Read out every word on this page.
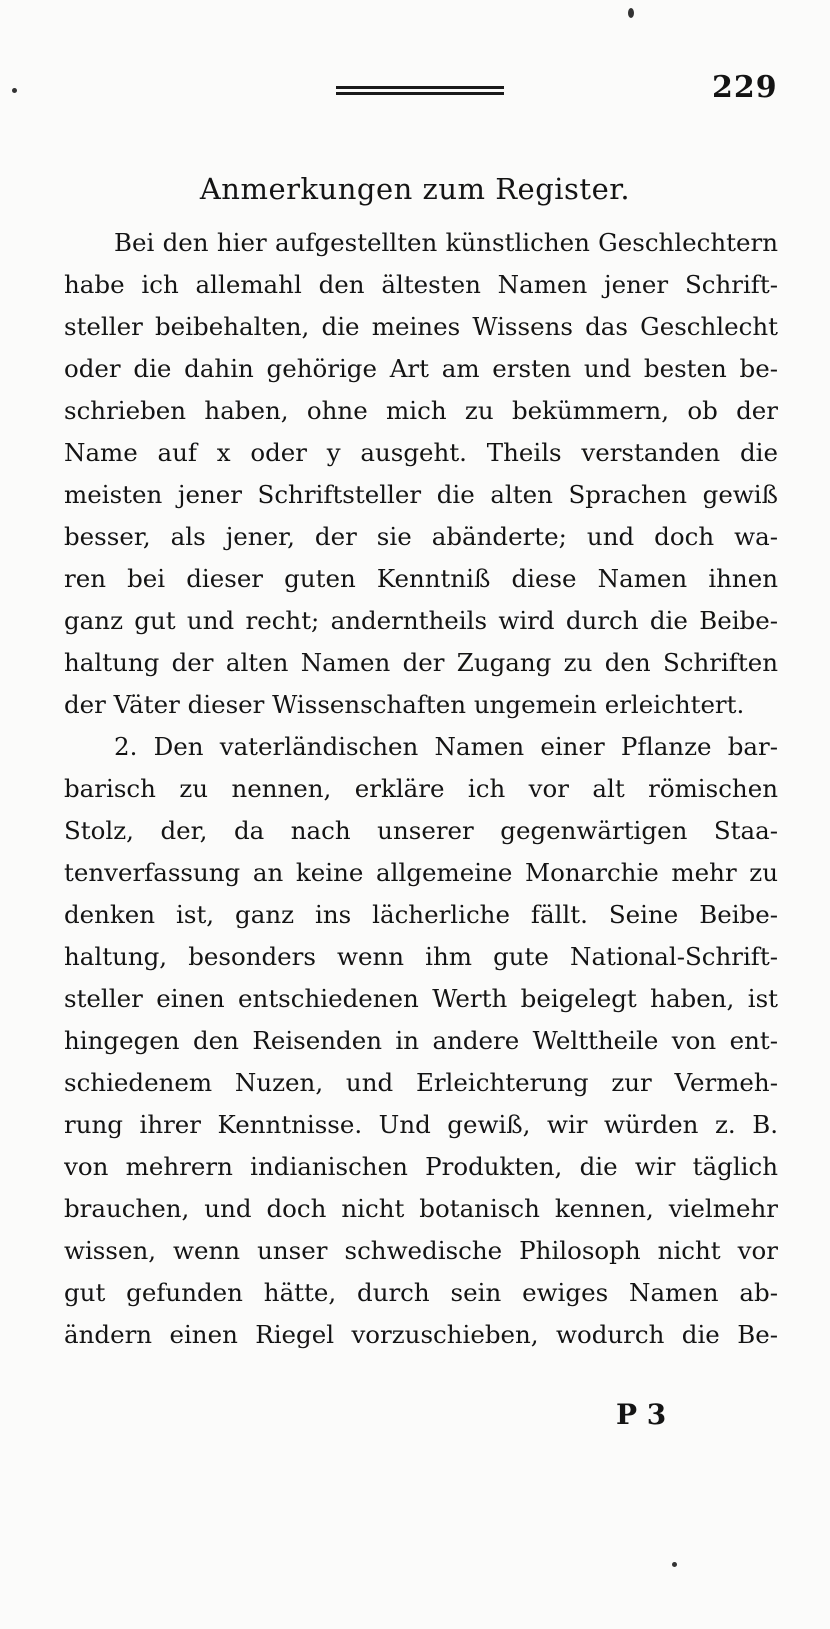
229
Anmerkungen zum Register.
Bei den hier aufgestellten künstlichen Geschlechtern
habe ich allemahl den ältesten Namen jener Schrift-
steller beibehalten, die meines Wissens das Geschlecht
oder die dahin gehörige Art am ersten und besten be-
schrieben haben, ohne mich zu bekümmern, ob der
Name auf x oder y ausgeht. Theils verstanden die
meisten jener Schriftsteller die alten Sprachen gewiß
besser, als jener, der sie abänderte; und doch wa-
ren bei dieser guten Kenntniß diese Namen ihnen
ganz gut und recht; anderntheils wird durch die Beibe-
haltung der alten Namen der Zugang zu den Schriften
der Väter dieser Wissenschaften ungemein erleichtert.
2. Den vaterländischen Namen einer Pflanze bar-
barisch zu nennen, erkläre ich vor alt römischen
Stolz, der, da nach unserer gegenwärtigen Staa-
tenverfassung an keine allgemeine Monarchie mehr zu
denken ist, ganz ins lächerliche fällt. Seine Beibe-
haltung, besonders wenn ihm gute National-Schrift-
steller einen entschiedenen Werth beigelegt haben, ist
hingegen den Reisenden in andere Welttheile von ent-
schiedenem Nuzen, und Erleichterung zur Vermeh-
rung ihrer Kenntnisse. Und gewiß, wir würden z. B.
von mehrern indianischen Produkten, die wir täglich
brauchen, und doch nicht botanisch kennen, vielmehr
wissen, wenn unser schwedische Philosoph nicht vor
gut gefunden hätte, durch sein ewiges Namen ab-
ändern einen Riegel vorzuschieben, wodurch die Be-
P 3
